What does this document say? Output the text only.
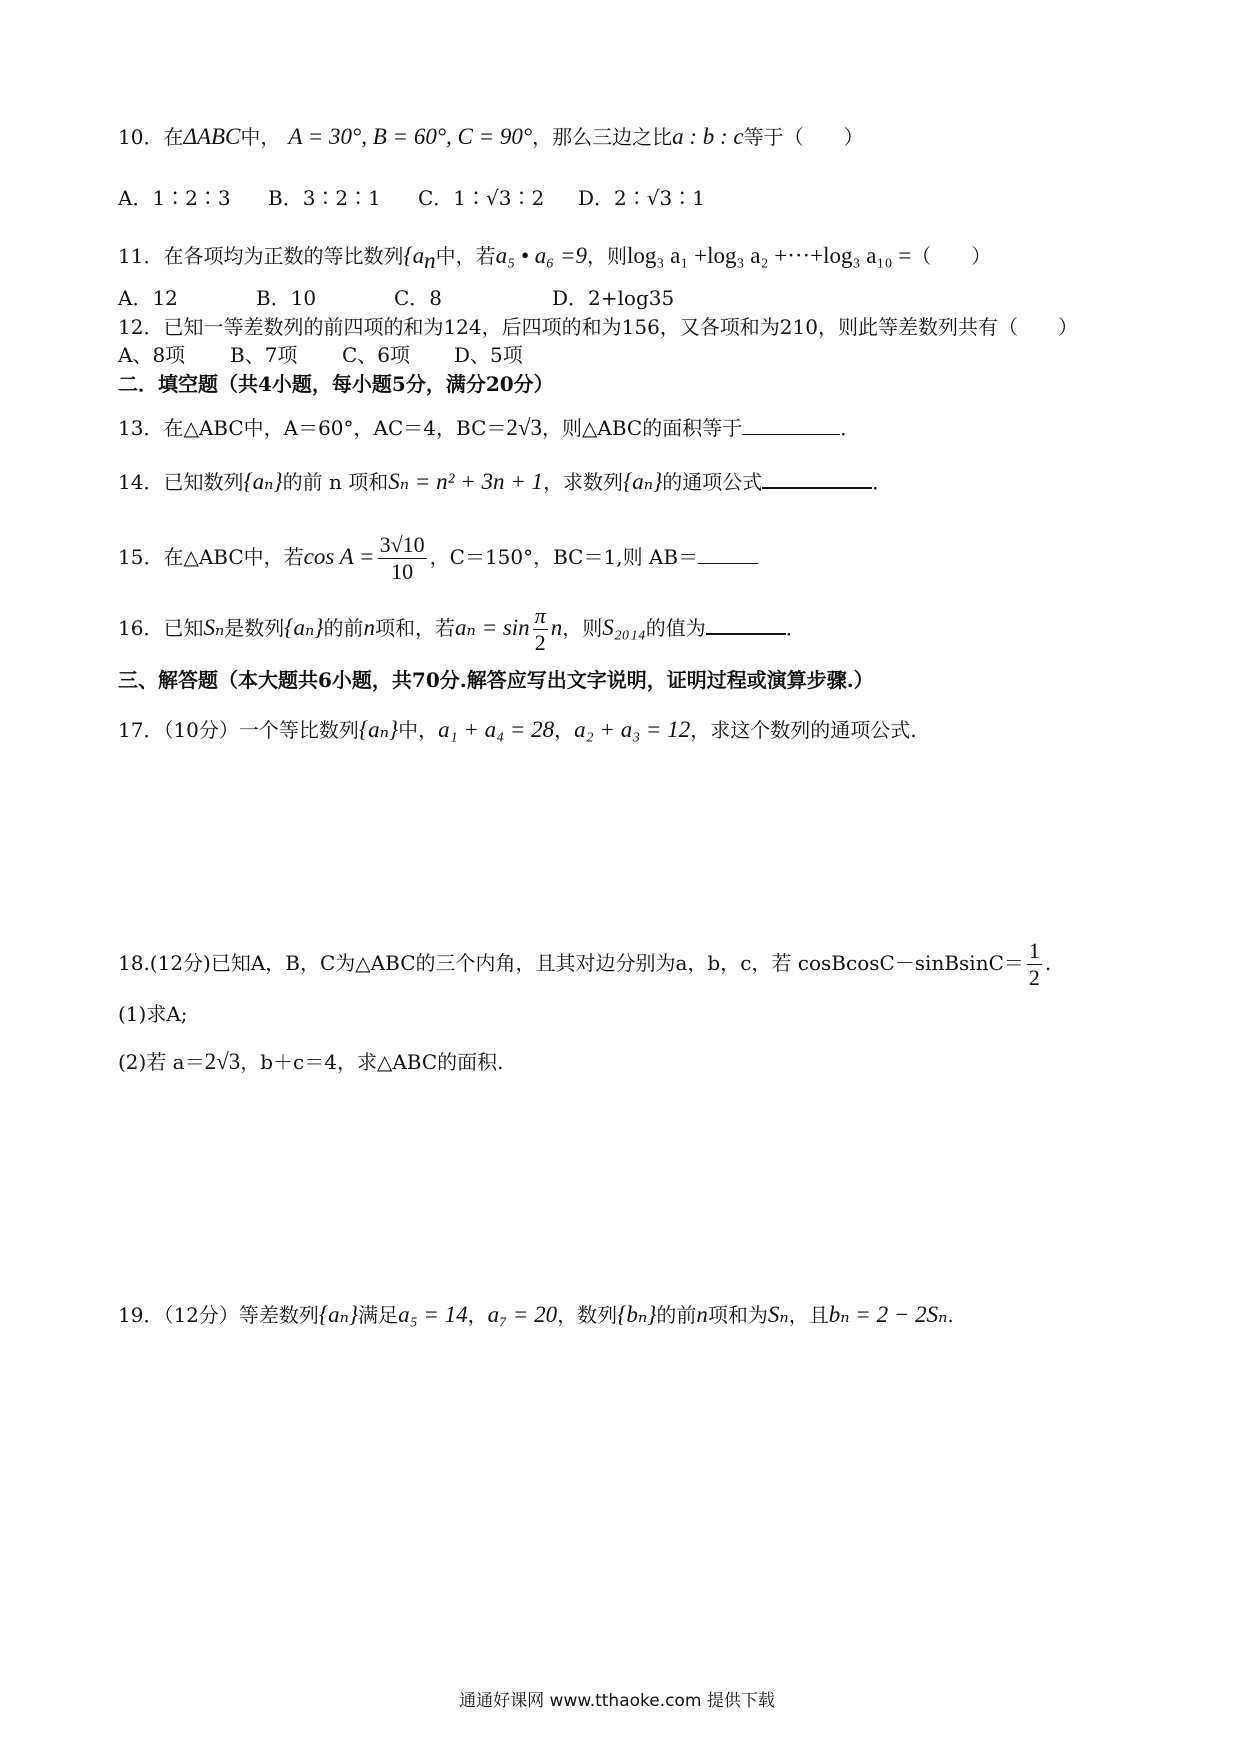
10．在ΔABC中， A = 30°, B = 60°, C = 90°，那么三边之比a : b : c等于（　　）
A．1∶2∶3 B．3∶2∶1 C．1∶√3∶2 D．2∶√3∶1
11．在各项均为正数的等比数列{$a_n$中，若a₅ • a₆ =9，则log₃ a₁ +log₃ a₂ +···+log₃ a₁₀ =（　　）
A．12	B．10	C．8	D．2+log35
12．已知一等差数列的前四项的和为124，后四项的和为156，又各项和为210，则此等差数列共有（　　）
A、8项 B、7项 C、6项 D、5项
二．填空题（共4小题，每小题5分，满分20分）
13．在△ABC中，A＝60°，AC＝4，BC＝2√3，则△ABC的面积等于	．
14．已知数列{aₙ}的前 n 项和Sₙ = n² + 3n + 1，求数列{aₙ}的通项公式	．
15．在△ABC中，若$\cos A = \frac{3√10}{10}$ ，C＝150°，BC＝1,则 AB＝
16．已知Sₙ是数列{aₙ}的前n项和，若$a_n = \sin \frac{\pi}{2}$ n，则S₂₀₁₄的值为	．
三、解答题（本大题共6小题，共70分.解答应写出文字说明，证明过程或演算步骤.）
17．（10分）一个等比数列{aₙ}中，a₁ + a₄ = 28，a₂ + a₃ = 12，求这个数列的通项公式.
18.(12分)已知A，B，C为△ABC的三个内角，且其对边分别为a，b，c，若 cosBcosC－sinBsinC＝ $\frac{1}{2}$ .
(1)求A;
(2)若 a＝2√3，b＋c＝4，求△ABC的面积.
19．（12分）等差数列{aₙ}满足a₅ = 14，a₇ = 20，数列{bₙ}的前n项和为Sₙ，且bₙ = 2 − 2Sₙ.
通通好课网 www.tthaoke.com 提供下载
